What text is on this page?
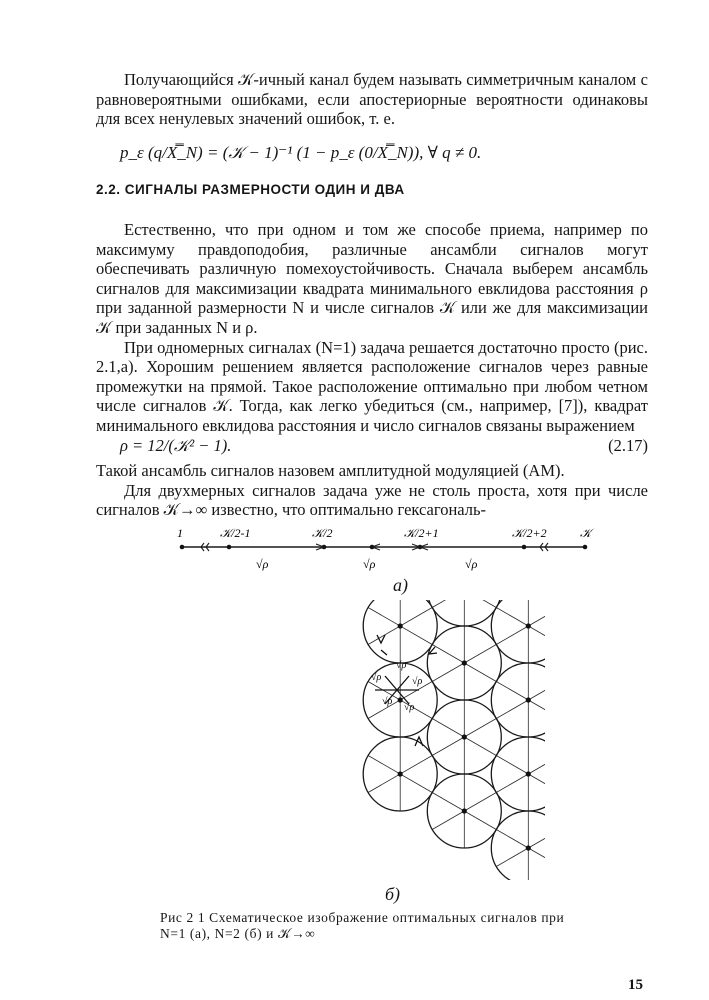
Получающийся 𝒦-ичный канал будем называть симметричным каналом с равновероятными ошибками, если апостериорные вероятности одинаковы для всех ненулевых значений ошибок, т. е.

p_ε (q/X̿_N) = (𝒦 − 1)⁻¹ (1 − p_ε (0/X̿_N)), ∀ q ≠ 0.
2.2. СИГНАЛЫ РАЗМЕРНОСТИ ОДИН И ДВА

Естественно, что при одном и том же способе приема, например по максимуму правдоподобия, различные ансамбли сигналов могут обеспечивать различную помехоустойчивость. Сначала выберем ансамбль сигналов для максимизации квадрата минимального евклидова расстояния ρ при заданной размерности N и числе сигналов 𝒦 или же для максимизации 𝒦 при заданных N и ρ.

При одномерных сигналах (N=1) задача решается достаточно просто (рис. 2.1,а). Хорошим решением является расположение сигналов через равные промежутки на прямой. Такое расположение оптимально при любом четном числе сигналов 𝒦. Тогда, как легко убедиться (см., например, [7]), квадрат минимального евклидова расстояния и число сигналов связаны выражением

ρ = 12/(𝒦² − 1).	(2.17)

Такой ансамбль сигналов назовем амплитудной модуляцией (АМ).

Для двухмерных сигналов задача уже не столь проста, хотя при числе сигналов 𝒦→∞ известно, что оптимально гексагональ-

1	𝒦/2-1	𝒦/2	𝒦/2+1	𝒦/2+2	𝒦
√ρ	√ρ	√ρ
а)
√ρ
√ρ	√ρ
√ρ
√ρ
б)
Рис 2 1 Схематическое изображение оптимальных сигналов при N=1 (а), N=2 (б) и 𝒦→∞
15
